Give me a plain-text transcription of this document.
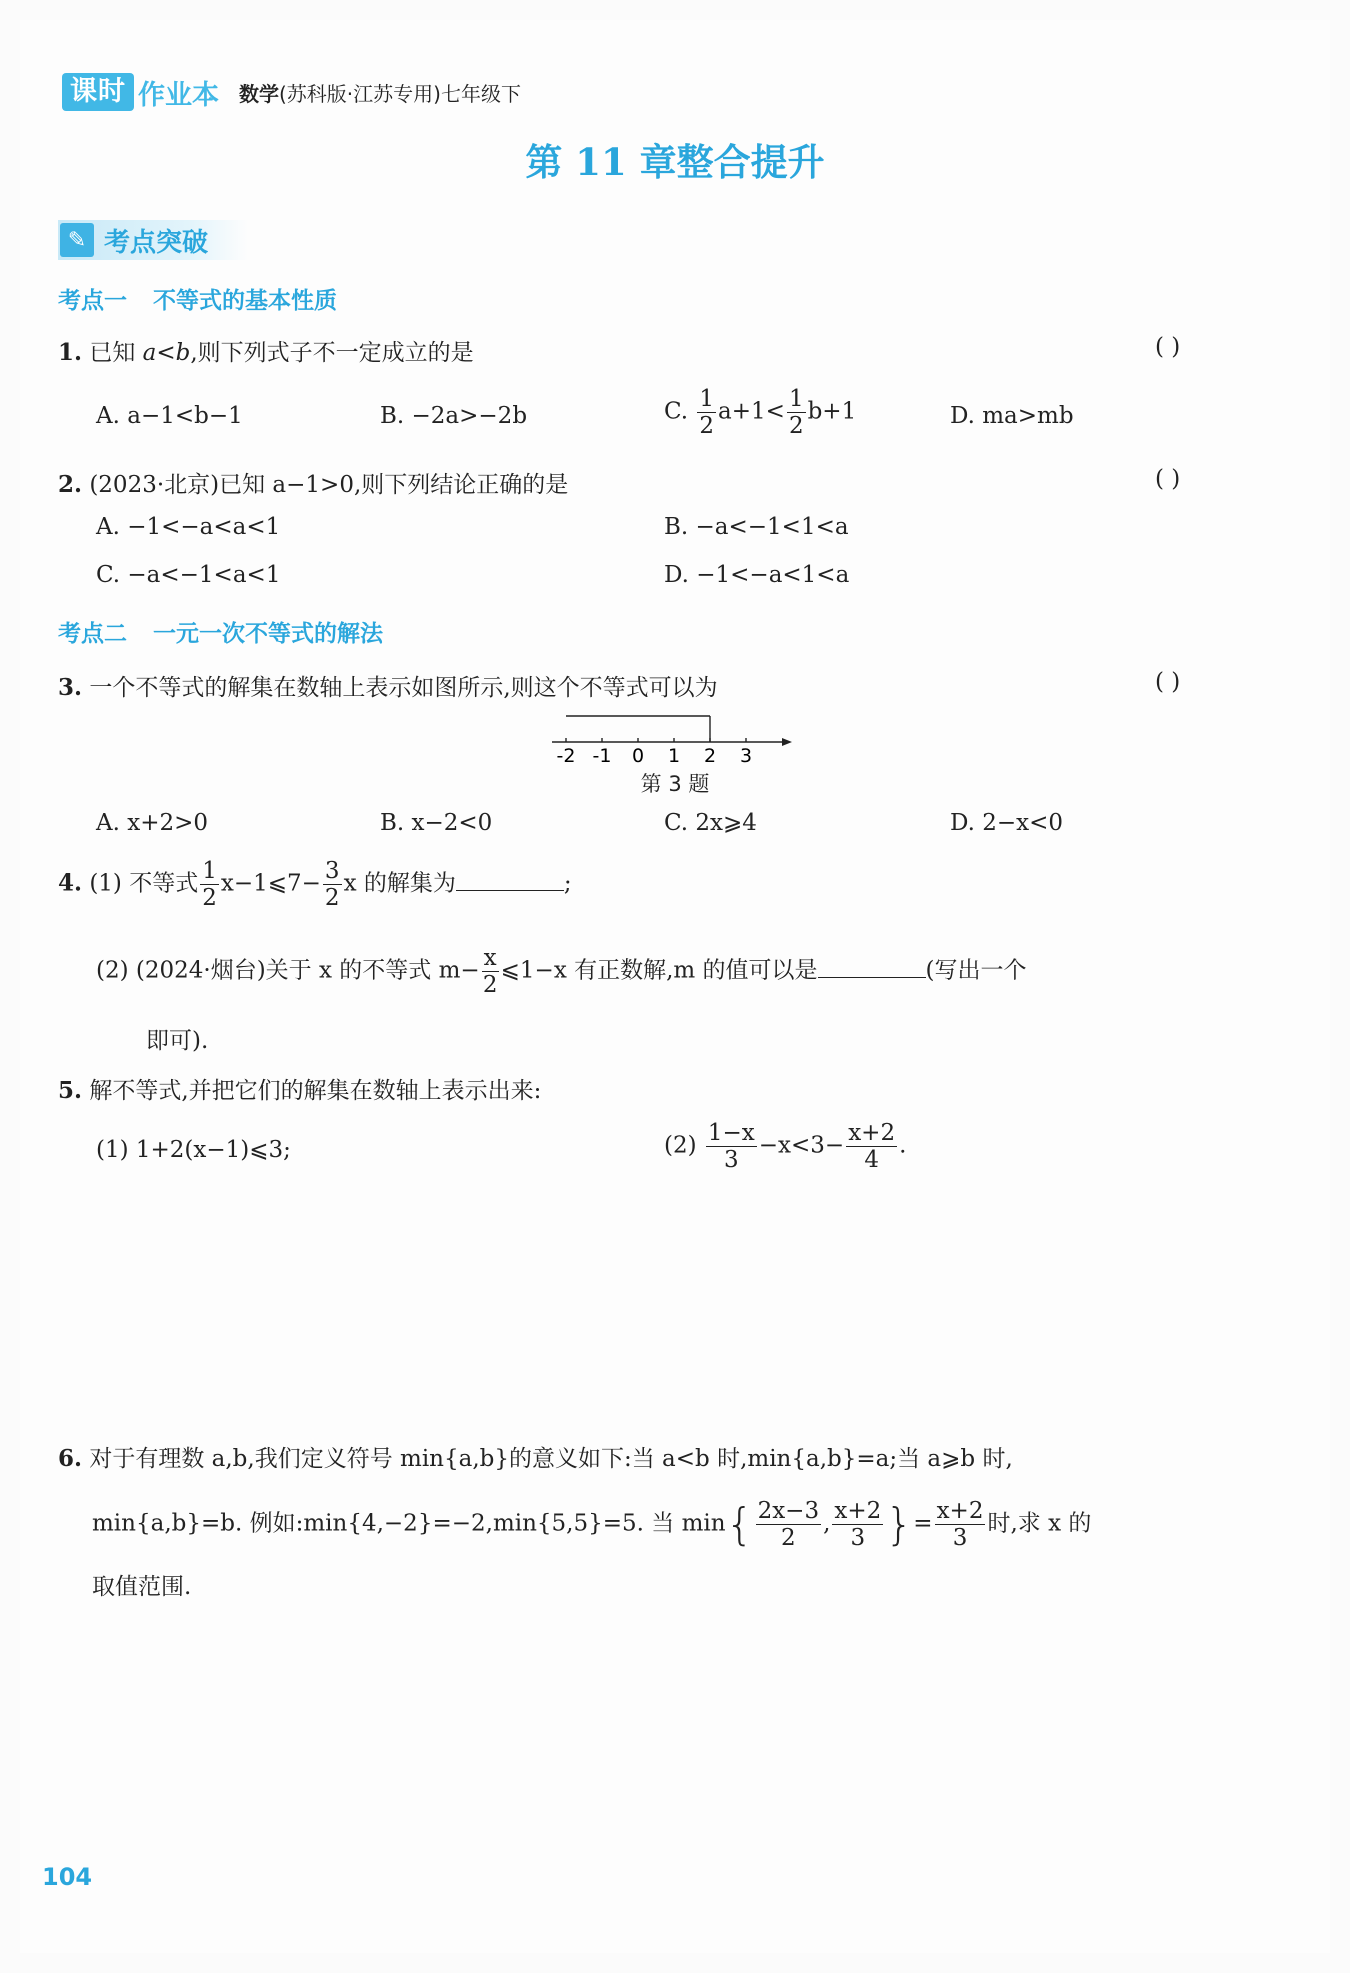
课时 作业本 数学(苏科版·江苏专用)七年级下
第 11 章整合提升
✎ 考点突破
考点一 不等式的基本性质
1. 已知 a<b,则下列式子不一定成立的是	( )
A. a−1<b−1	B. −2a>−2b	C. $\frac{1}{2} a+1< \frac{1}{2} b+1$	D. ma>mb
2. (2023·北京)已知 a−1>0,则下列结论正确的是	( )
A. −1<−a<a<1	B. −a<−1<1<a
C. −a<−1<a<1	D. −1<−a<1<a
考点二 一元一次不等式的解法
3. 一个不等式的解集在数轴上表示如图所示,则这个不等式可以为	( )
-2 -1 0 1 2 3
第 3 题
A. x+2>0	B. x−2<0	C. 2x⩾4	D. 2−x<0
4. (1) 不等式 $\frac{1}{2}$ x−1⩽7− $\frac{3}{2}$ x 的解集为	;
(2) (2024·烟台)关于 x 的不等式 $m- \frac{x}{2}$ ⩽1−x 有正数解,m 的值可以是	(写出一个
即可).
5. 解不等式,并把它们的解集在数轴上表示出来:
(1) 1+2(x−1)⩽3;	$(2) \frac{1-x}{3} -x<3- \frac{x+2}{4}$ .
6. 对于有理数 a,b,我们定义符号 min{a,b}的意义如下:当 a<b 时,min{a,b}=a;当 a⩾b 时,
min{a,b}=b. 例如:min{4,−2}=−2,min{5,5}=5. 当 $\min\{ \frac{2x-3}{2}$ , $\frac{x+2}{3}$ }= $\frac{x+2}{3}$ 时,求 x 的
取值范围.
104
